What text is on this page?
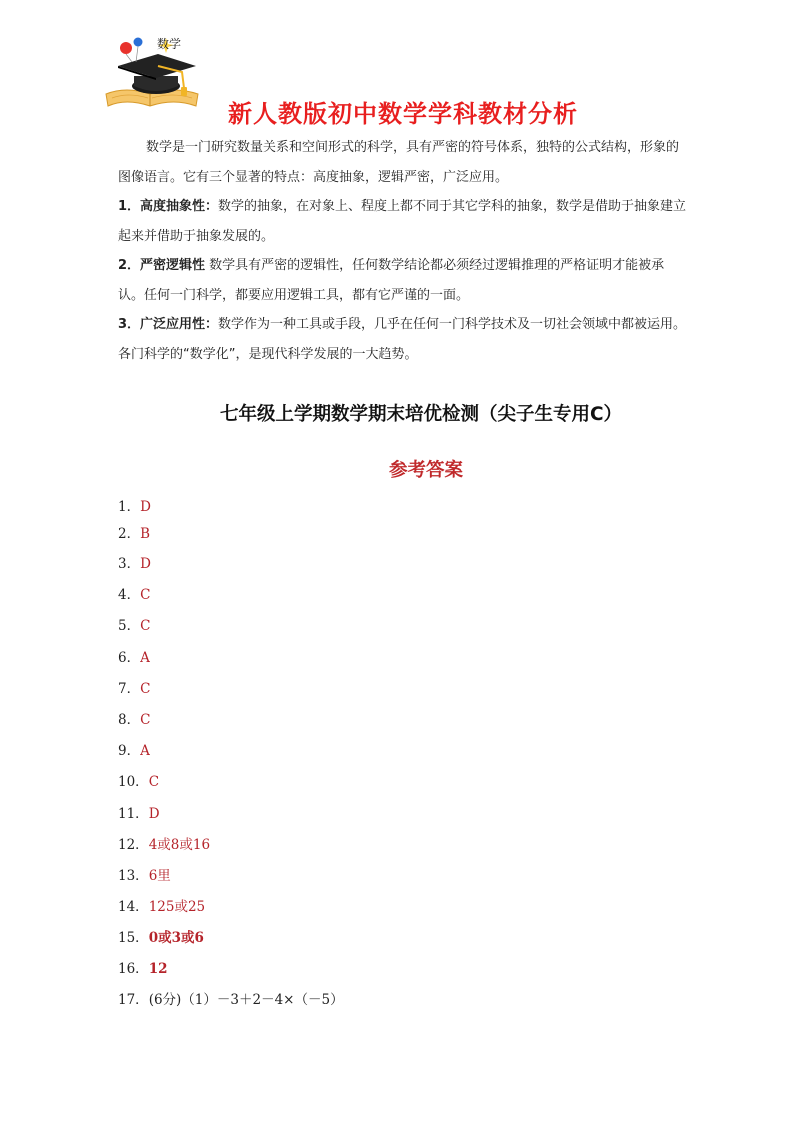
数学
新人教版初中数学学科教材分析

数学是一门研究数量关系和空间形式的科学，具有严密的符号体系，独特的公式结构，形象的图像语言。它有三个显著的特点：高度抽象，逻辑严密，广泛应用。

1．高度抽象性：数学的抽象，在对象上、程度上都不同于其它学科的抽象，数学是借助于抽象建立起来并借助于抽象发展的。

2．严密逻辑性 数学具有严密的逻辑性，任何数学结论都必须经过逻辑推理的严格证明才能被承认。任何一门科学，都要应用逻辑工具，都有它严谨的一面。

3．广泛应用性：数学作为一种工具或手段，几乎在任何一门科学技术及一切社会领域中都被运用。各门科学的“数学化”，是现代科学发展的一大趋势。

七年级上学期数学期末培优检测（尖子生专用C）
参考答案
1．D
2．B
3．D
4．C
5．C
6．A
7．C
8．C
9．A
10．C
11．D
12．4或8或16
13．6里
14．125或25
15．0或3或6
16．12
17．(6分)（1）－3＋2－4×（－5）
